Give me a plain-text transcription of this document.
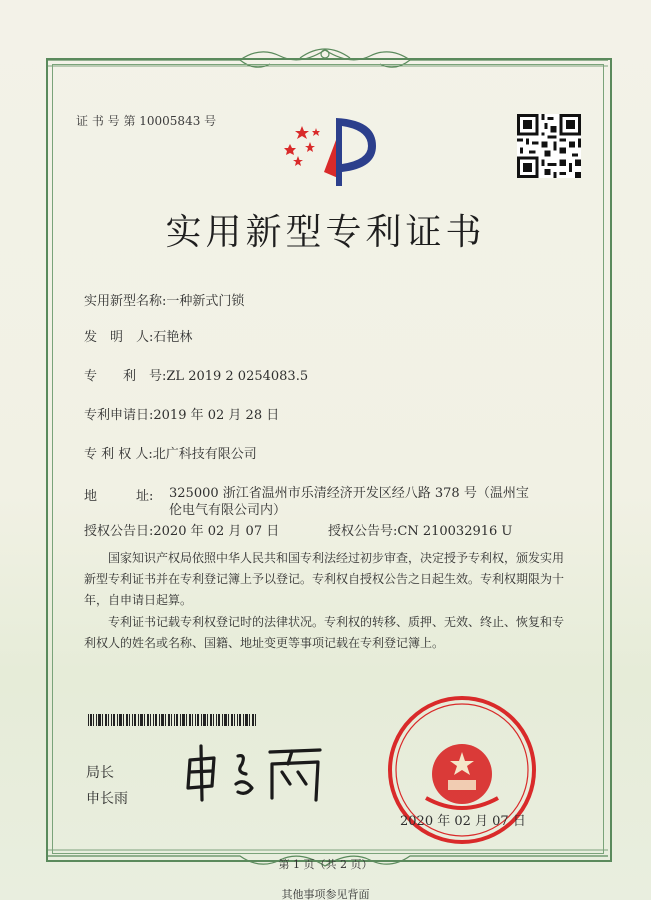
证 书 号 第 10005843 号
实用新型专利证书
实用新型名称:一种新式门锁
发　明　人:石艳林
专　　利　号:ZL 2019 2 0254083.5
专利申请日:2019 年 02 月 28 日
专 利 权 人:北广科技有限公司
地　　　址: 325000 浙江省温州市乐清经济开发区经八路 378 号（温州宝伦电气有限公司内）
授权公告日:2020 年 02 月 07 日	授权公告号:CN 210032916 U
国家知识产权局依照中华人民共和国专利法经过初步审查，决定授予专利权，颁发实用新型专利证书并在专利登记簿上予以登记。专利权自授权公告之日起生效。专利权期限为十年，自申请日起算。
专利证书记载专利权登记时的法律状况。专利权的转移、质押、无效、终止、恢复和专利权人的姓名或名称、国籍、地址变更等事项记载在专利登记簿上。
局长
申长雨
2020 年 02 月 07 日
第 1 页（共 2 页）
其他事项参见背面
